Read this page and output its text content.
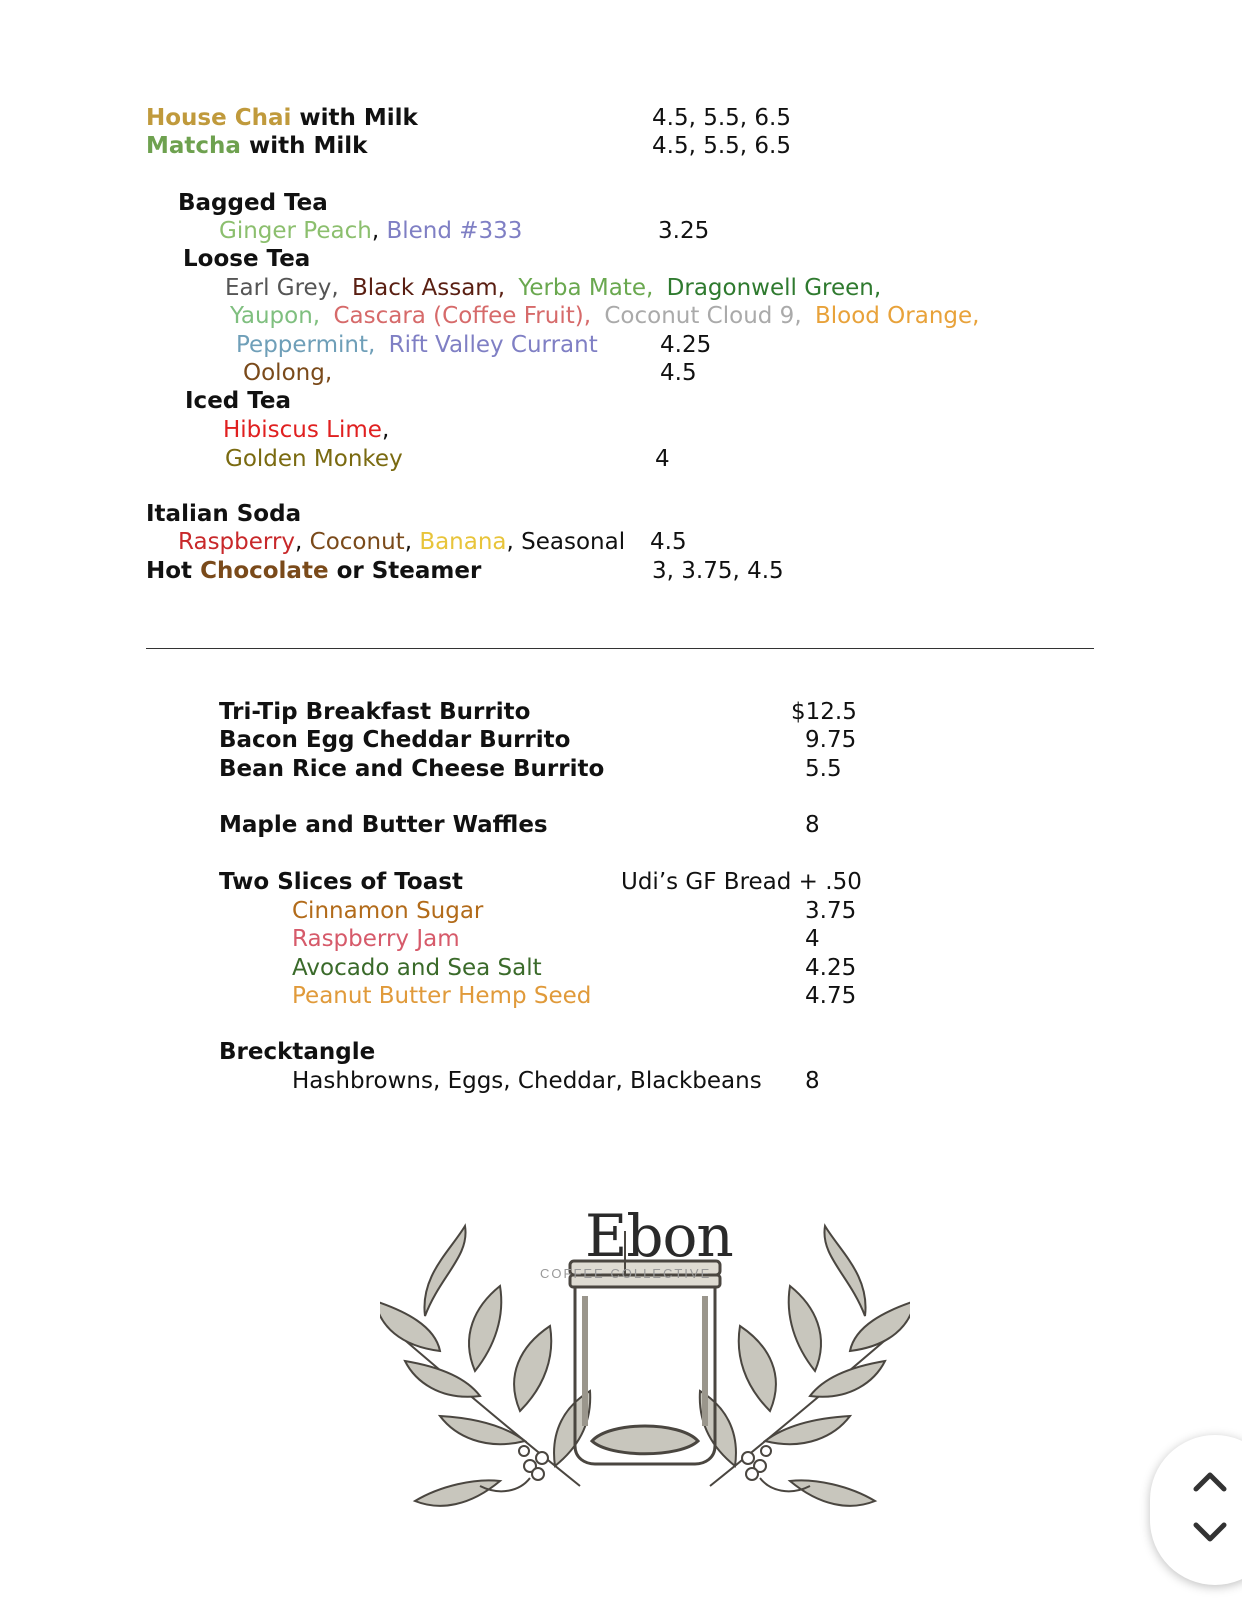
House Chai with Milk	4.5, 5.5, 6.5
Matcha with Milk	4.5, 5.5, 6.5
Bagged Tea
Ginger Peach, Blend #333	3.25
Loose Tea
Earl Grey, Black Assam, Yerba Mate, Dragonwell Green,
Yaupon, Cascara (Coffee Fruit), Coconut Cloud 9, Blood Orange,
Peppermint, Rift Valley Currant	4.25
Oolong,	4.5
Iced Tea
Hibiscus Lime,
Golden Monkey	4
Italian Soda
Raspberry, Coconut, Banana, Seasonal 4.5
Hot Chocolate or Steamer	3, 3.75, 4.5
Tri-Tip Breakfast Burrito	$12.5
Bacon Egg Cheddar Burrito	9.75
Bean Rice and Cheese Burrito	5.5
Maple and Butter Waffles	8
Two Slices of Toast	Udi’s GF Bread + .50
Cinnamon Sugar	3.75
Raspberry Jam	4
Avocado and Sea Salt	4.25
Peanut Butter Hemp Seed	4.75
Brecktangle
Hashbrowns, Eggs, Cheddar, Blackbeans 8
Ebon
COFFEE COLLECTIVE
